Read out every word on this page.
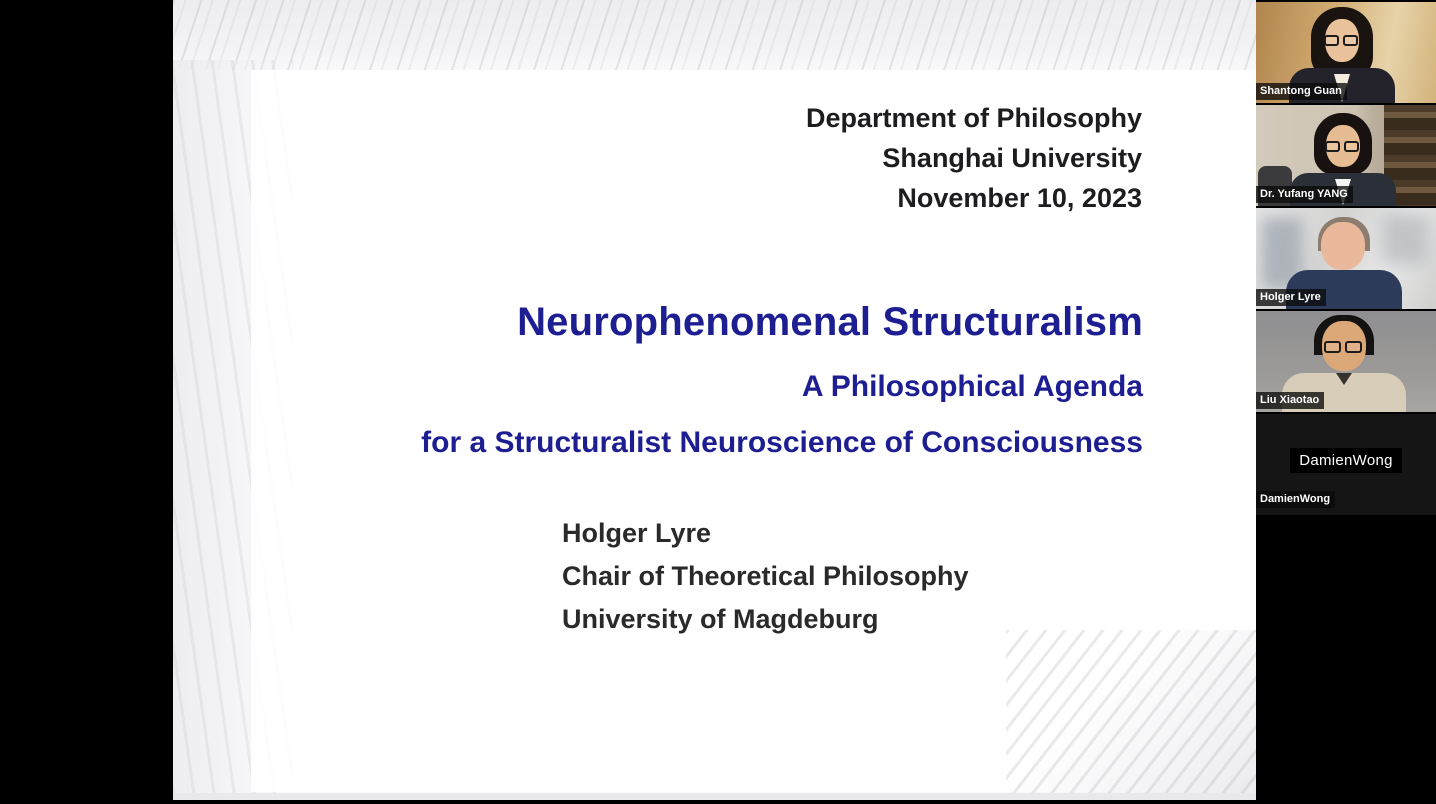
Department of Philosophy
Shanghai University
November 10, 2023
Neurophenomenal Structuralism
A Philosophical Agenda
for a Structuralist Neuroscience of Consciousness
Holger Lyre
Chair of Theoretical Philosophy
University of Magdeburg
Shantong Guan
Dr. Yufang YANG
Holger Lyre
Liu Xiaotao
DamienWong
DamienWong
